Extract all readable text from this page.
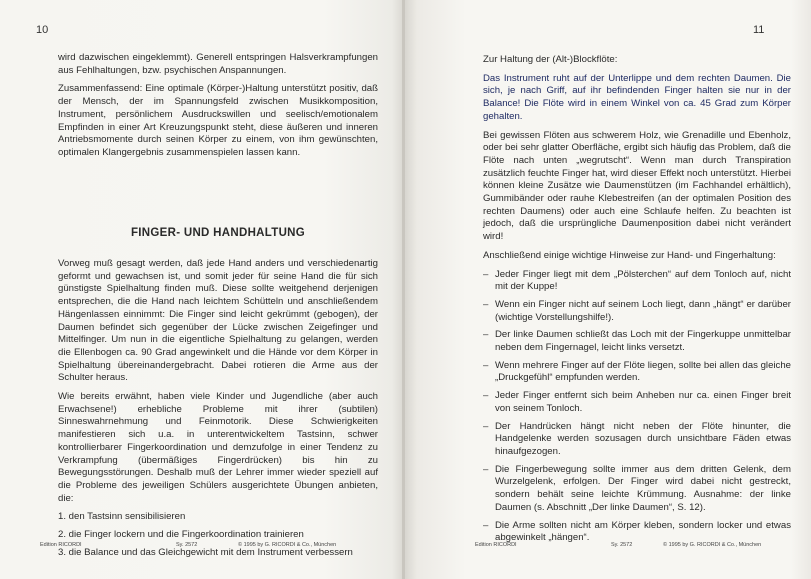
10

wird dazwischen eingeklemmt). Generell entspringen Halsverkrampfungen aus Fehlhaltungen, bzw. psychischen Anspannungen.

Zusammenfassend: Eine optimale (Körper-)Haltung unterstützt positiv, daß der Mensch, der im Spannungsfeld zwischen Musikkomposition, Instrument, persönlichem Ausdruckswillen und seelisch/emotionalem Empfinden in einer Art Kreuzungspunkt steht, diese äußeren und inneren Antriebsmomente durch seinen Körper zu einem, von ihm gewünschten, optimalen Klangergebnis zusammenspielen lassen kann.

FINGER- UND HANDHALTUNG

Vorweg muß gesagt werden, daß jede Hand anders und verschiedenartig geformt und gewachsen ist, und somit jeder für seine Hand die für sich günstigste Spielhaltung finden muß. Diese sollte weitgehend derjenigen entsprechen, die die Hand nach leichtem Schütteln und anschließendem Hängenlassen einnimmt: Die Finger sind leicht gekrümmt (gebogen), der Daumen befindet sich gegenüber der Lücke zwischen Zeigefinger und Mittelfinger. Um nun in die eigentliche Spielhaltung zu gelangen, werden die Ellenbogen ca. 90 Grad angewinkelt und die Hände vor dem Körper in Spielhaltung übereinandergebracht. Dabei rotieren die Arme aus der Schulter heraus.

Wie bereits erwähnt, haben viele Kinder und Jugendliche (aber auch Erwachsene!) erhebliche Probleme mit ihrer (subtilen) Sinneswahrnehmung und Feinmotorik. Diese Schwierigkeiten manifestieren sich u.a. in unterentwickeltem Tastsinn, schwer kontrollierbarer Fingerkoordination und demzufolge in einer Tendenz zu Verkrampfung (übermäßiges Fingerdrücken) bis hin zu Bewegungsstörungen. Deshalb muß der Lehrer immer wieder speziell auf die Probleme des jeweiligen Schülers ausgerichtete Übungen anbieten, die:

1. den Tastsinn sensibilisieren
2. die Finger lockern und die Fingerkoordination trainieren
3. die Balance und das Gleichgewicht mit dem Instrument verbessern
Edition RICORDI	Sy. 2572	© 1995 by G. RICORDI & Co., München
11

Zur Haltung der (Alt-)Blockflöte:

Das Instrument ruht auf der Unterlippe und dem rechten Daumen. Die sich, je nach Griff, auf ihr befindenden Finger halten sie nur in der Balance! Die Flöte wird in einem Winkel von ca. 45 Grad zum Körper gehalten.

Bei gewissen Flöten aus schwerem Holz, wie Grenadille und Ebenholz, oder bei sehr glatter Oberfläche, ergibt sich häufig das Problem, daß die Flöte nach unten „wegrutscht“. Wenn man durch Transpiration zusätzlich feuchte Finger hat, wird dieser Effekt noch unterstützt. Hierbei können kleine Zusätze wie Daumenstützen (im Fachhandel erhältlich), Gummibänder oder rauhe Klebestreifen (an der optimalen Position des rechten Daumens) oder auch eine Schlaufe helfen. Zu beachten ist jedoch, daß die ursprüngliche Daumenposition dabei nicht verändert wird!

Anschließend einige wichtige Hinweise zur Hand- und Fingerhaltung:

– Jeder Finger liegt mit dem „Pölsterchen“ auf dem Tonloch auf, nicht mit der Kuppe!
– Wenn ein Finger nicht auf seinem Loch liegt, dann „hängt“ er darüber (wichtige Vorstellungshilfe!).
– Der linke Daumen schließt das Loch mit der Fingerkuppe unmittelbar neben dem Fingernagel, leicht links versetzt.
– Wenn mehrere Finger auf der Flöte liegen, sollte bei allen das gleiche „Druckgefühl“ empfunden werden.
– Jeder Finger entfernt sich beim Anheben nur ca. einen Finger breit von seinem Tonloch.
– Der Handrücken hängt nicht neben der Flöte hinunter, die Handgelenke werden sozusagen durch unsichtbare Fäden etwas hinaufgezogen.
– Die Fingerbewegung sollte immer aus dem dritten Gelenk, dem Wurzelgelenk, erfolgen. Der Finger wird dabei nicht gestreckt, sondern behält seine leichte Krümmung. Ausnahme: der linke Daumen (s. Abschnitt „Der linke Daumen“, S. 12).
– Die Arme sollten nicht am Körper kleben, sondern locker und etwas abgewinkelt „hängen“.
Edition RICORDI	Sy. 2572	© 1995 by G. RICORDI & Co., München
